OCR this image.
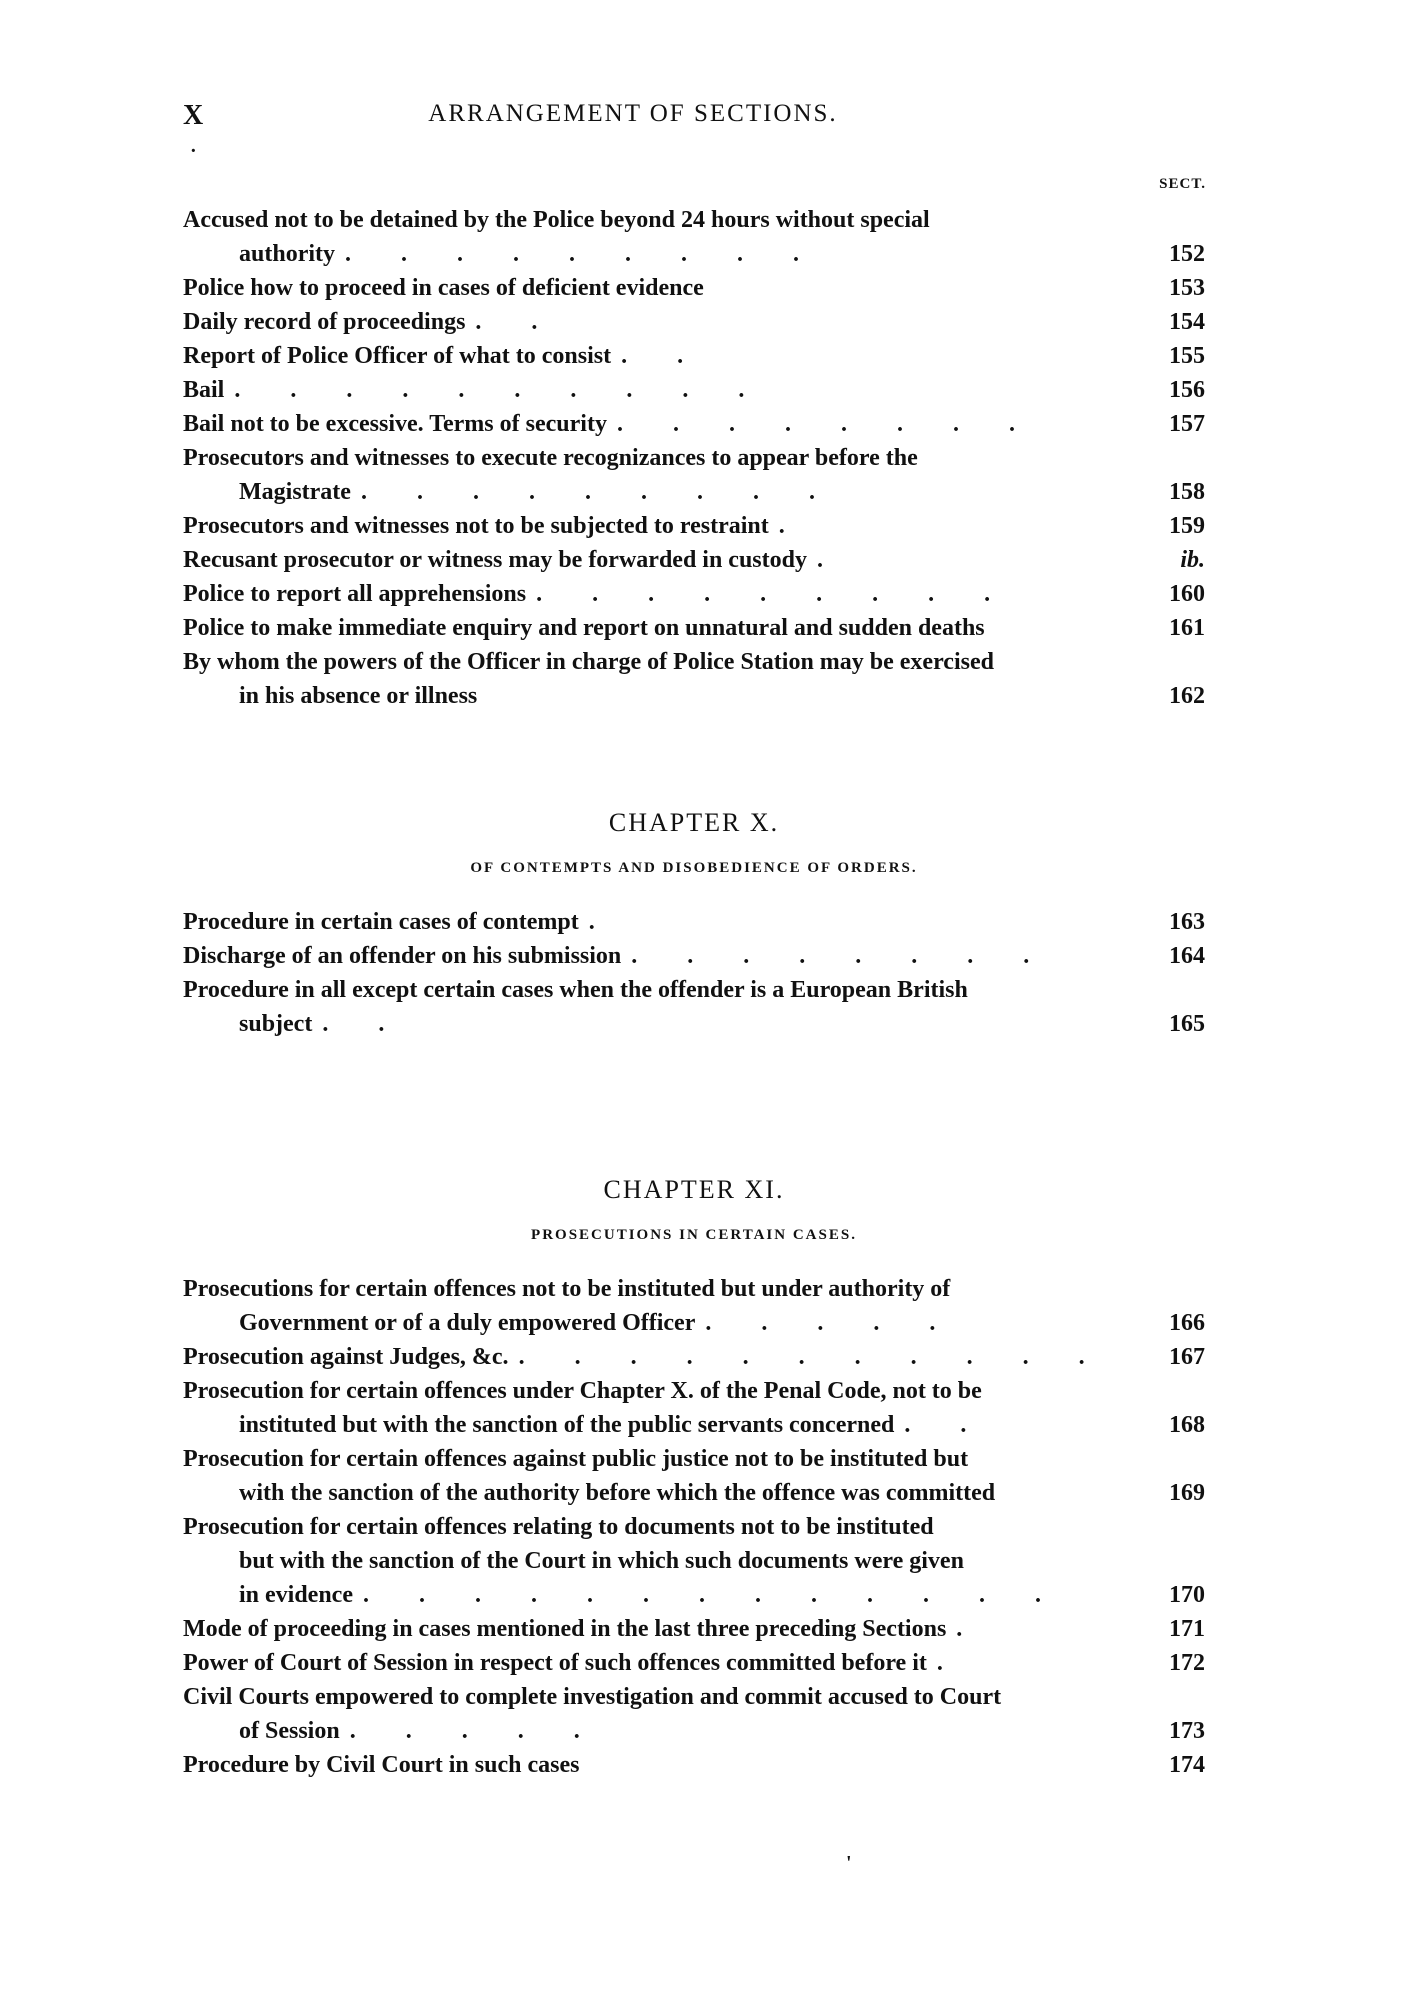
X	ARRANGEMENT OF SECTIONS.
SECT.
Accused not to be detained by the Police beyond 24 hours without special
authority . . . . . . . . .	152
Police how to proceed in cases of deficient evidence	153
Daily record of proceedings . .	154
Report of Police Officer of what to consist . .	155
Bail . . . . . . . . . .	156
Bail not to be excessive. Terms of security . . . . . . . .	157
Prosecutors and witnesses to execute recognizances to appear before the
Magistrate . . . . . . . . .	158
Prosecutors and witnesses not to be subjected to restraint .	159
Recusant prosecutor or witness may be forwarded in custody .	ib.
Police to report all apprehensions . . . . . . . . .	160
Police to make immediate enquiry and report on unnatural and sudden deaths	161
By whom the powers of the Officer in charge of Police Station may be exercised
in his absence or illness	162
CHAPTER X.
OF CONTEMPTS AND DISOBEDIENCE OF ORDERS.
Procedure in certain cases of contempt .	163
Discharge of an offender on his submission . . . . . . . .	164
Procedure in all except certain cases when the offender is a European British
subject . .	165
CHAPTER XI.
PROSECUTIONS IN CERTAIN CASES.
Prosecutions for certain offences not to be instituted but under authority of
Government or of a duly empowered Officer . . . . .	166
Prosecution against Judges, &c. . . . . . . . . . . .	167
Prosecution for certain offences under Chapter X. of the Penal Code, not to be
instituted but with the sanction of the public servants concerned . .	168
Prosecution for certain offences against public justice not to be instituted but
with the sanction of the authority before which the offence was committed	169
Prosecution for certain offences relating to documents not to be instituted
but with the sanction of the Court in which such documents were given
in evidence . . . . . . . . . . . . .	170
Mode of proceeding in cases mentioned in the last three preceding Sections .	171
Power of Court of Session in respect of such offences committed before it .	172
Civil Courts empowered to complete investigation and commit accused to Court
of Session . . . . .	173
Procedure by Civil Court in such cases	174
·
'
